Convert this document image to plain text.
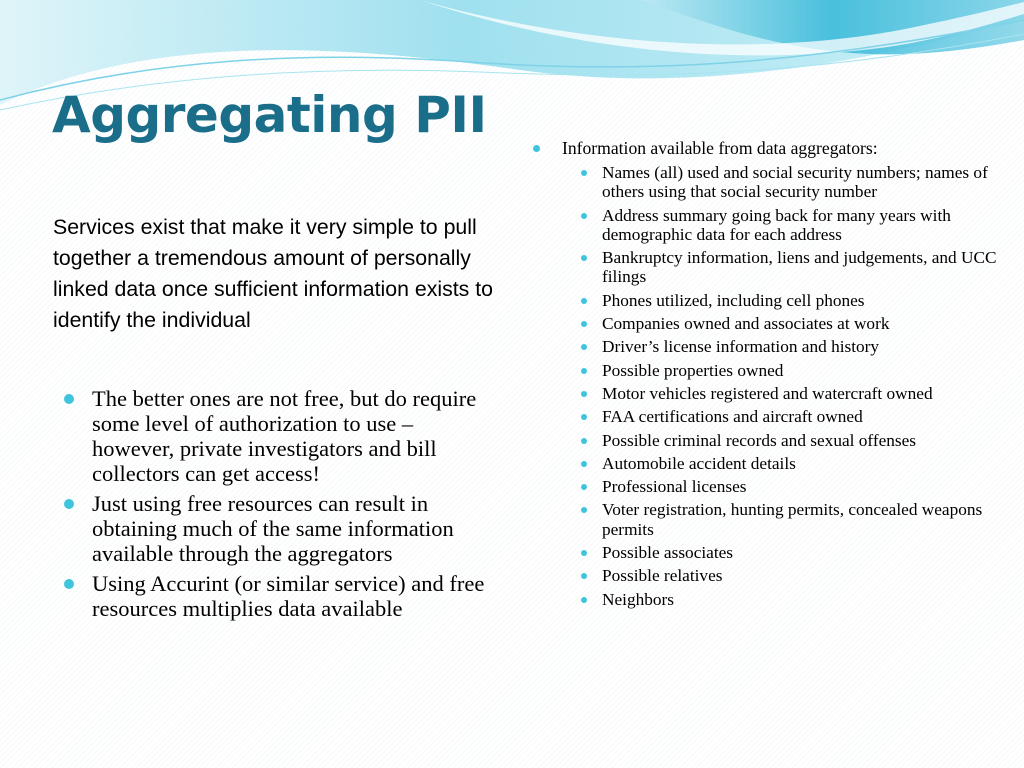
Aggregating PII

Services exist that make it very simple to pull together a tremendous amount of personally linked data once sufficient information exists to identify the individual

The better ones are not free, but do require some level of authorization to use – however, private investigators and bill collectors can get access!
Just using free resources can result in obtaining much of the same information available through the aggregators
Using Accurint (or similar service) and free resources multiplies data available
Information available from data aggregators:
Names (all) used and social security numbers; names of others using that social security number
Address summary going back for many years with demographic data for each address
Bankruptcy information, liens and judgements, and UCC filings
Phones utilized, including cell phones
Companies owned and associates at work
Driver’s license information and history
Possible properties owned
Motor vehicles registered and watercraft owned
FAA certifications and aircraft owned
Possible criminal records and sexual offenses
Automobile accident details
Professional licenses
Voter registration, hunting permits, concealed weapons permits
Possible associates
Possible relatives
Neighbors
